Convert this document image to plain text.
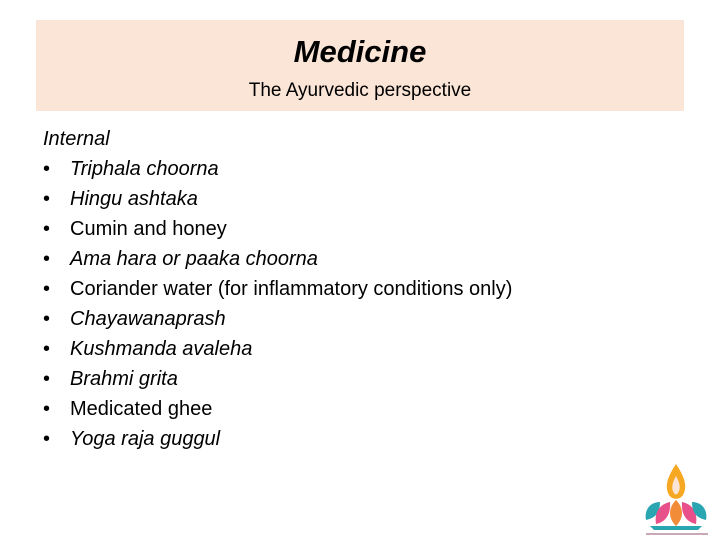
Medicine
The Ayurvedic perspective
Internal
• Triphala choorna
• Hingu ashtaka
• Cumin and honey
• Ama hara or paaka choorna
• Coriander water (for inflammatory conditions only)
• Chayawanaprash
• Kushmanda avaleha
• Brahmi grita
• Medicated ghee
• Yoga raja guggul
